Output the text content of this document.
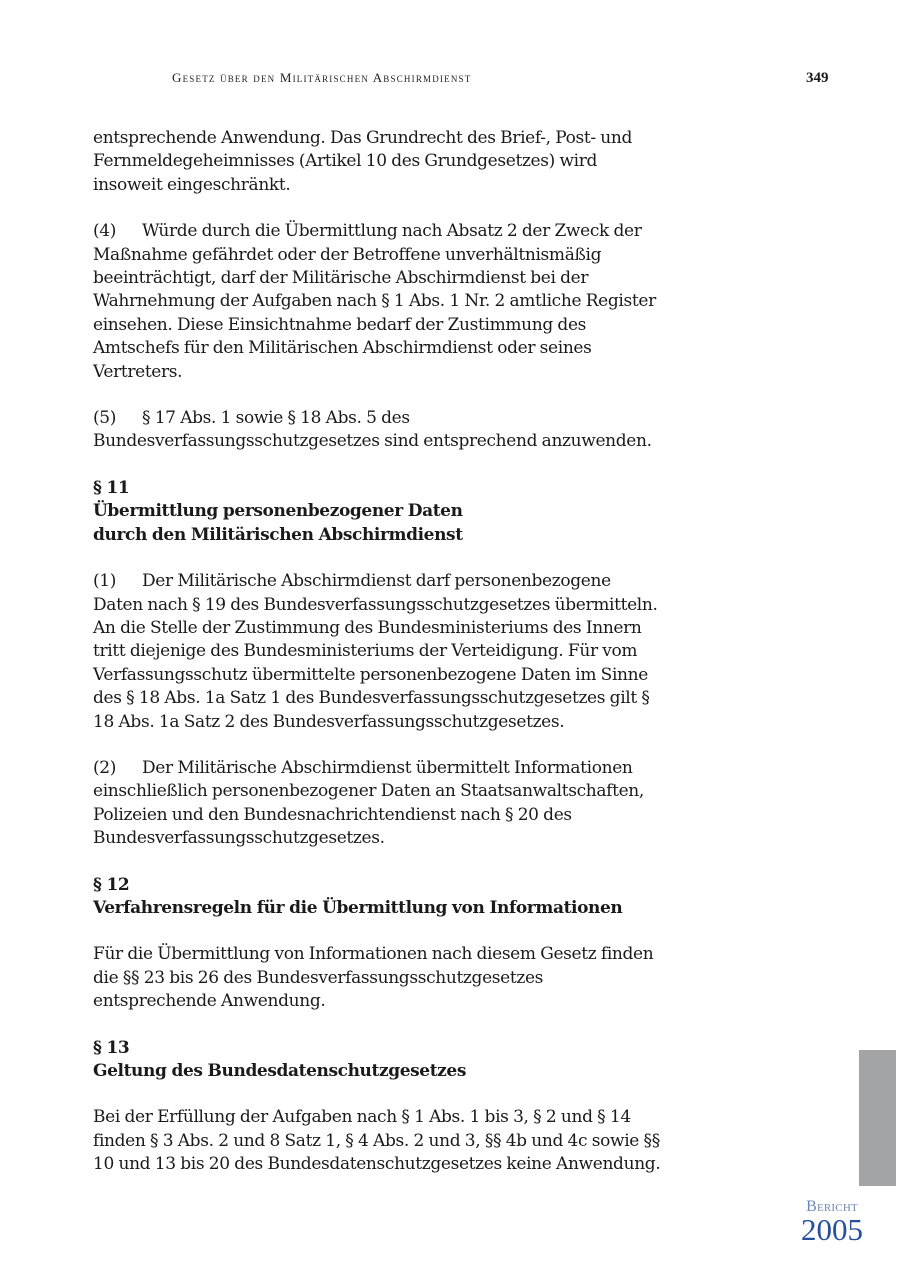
Gesetz über den Militärischen Abschirmdienst	349

entsprechende Anwendung. Das Grundrecht des Brief-, Post- und Fernmeldegeheimnisses (Artikel 10 des Grundgesetzes) wird insoweit eingeschränkt.

(4) Würde durch die Übermittlung nach Absatz 2 der Zweck der Maßnahme gefährdet oder der Betroffene unverhältnismäßig beeinträchtigt, darf der Militärische Abschirmdienst bei der Wahrnehmung der Aufgaben nach § 1 Abs. 1 Nr. 2 amtliche Register einsehen. Diese Einsichtnahme bedarf der Zustimmung des Amtschefs für den Militärischen Abschirmdienst oder seines Vertreters.

(5) § 17 Abs. 1 sowie § 18 Abs. 5 des Bundesverfassungsschutzgesetzes sind entsprechend anzuwenden.

§ 11
Übermittlung personenbezogener Daten
durch den Militärischen Abschirmdienst

(1) Der Militärische Abschirmdienst darf personenbezogene Daten nach § 19 des Bundesverfassungsschutzgesetzes übermitteln. An die Stelle der Zustimmung des Bundesministeriums des Innern tritt diejenige des Bundesministeriums der Verteidigung. Für vom Verfassungsschutz übermittelte personenbezogene Daten im Sinne des § 18 Abs. 1a Satz 1 des Bundesverfassungsschutzgesetzes gilt § 18 Abs. 1a Satz 2 des Bundesverfassungsschutzgesetzes.

(2) Der Militärische Abschirmdienst übermittelt Informationen einschließlich personenbezogener Daten an Staatsanwaltschaften, Polizeien und den Bundesnachrichtendienst nach § 20 des Bundesverfassungsschutzgesetzes.

§ 12
Verfahrensregeln für die Übermittlung von Informationen

Für die Übermittlung von Informationen nach diesem Gesetz finden die §§ 23 bis 26 des Bundesverfassungsschutzgesetzes entsprechende Anwendung.

§ 13
Geltung des Bundesdatenschutzgesetzes

Bei der Erfüllung der Aufgaben nach § 1 Abs. 1 bis 3, § 2 und § 14 finden § 3 Abs. 2 und 8 Satz 1, § 4 Abs. 2 und 3, §§ 4b und 4c sowie §§ 10 und 13 bis 20 des Bundesdatenschutzgesetzes keine Anwendung.

Bericht
2005
